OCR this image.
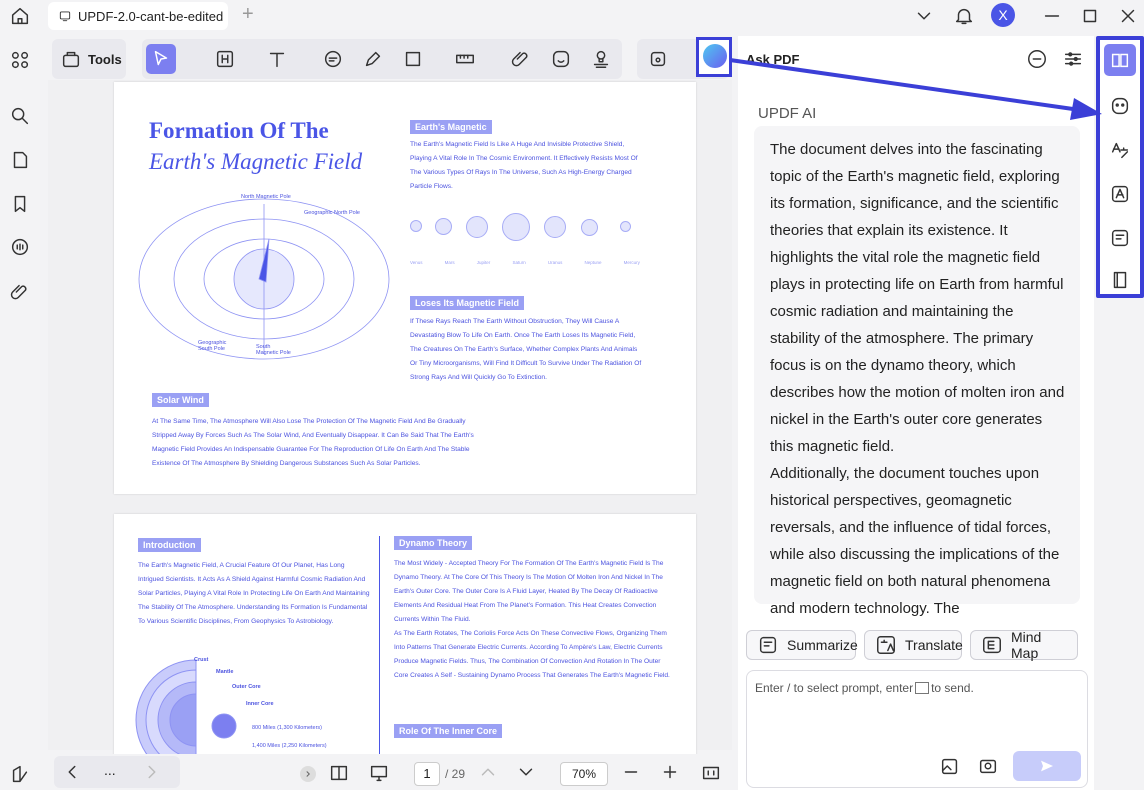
UPDF-2.0-cant-be-edited +	X
Tools
Formation Of The
Earth's Magnetic Field
North Magnetic Pole
Geographic North Pole
Geographic South Pole	South Magnetic Pole
Earth's Magnetic
The Earth's Magnetic Field Is Like A Huge And Invisible Protective Shield, Playing A Vital Role In The Cosmic Environment. It Effectively Resists Most Of The Various Types Of Rays In The Universe, Such As High-Energy Charged Particle Flows.
Venus	Mars	Jupiter	Saturn	Uranus	Neptune	Mercury
Loses Its Magnetic Field
If These Rays Reach The Earth Without Obstruction, They Will Cause A Devastating Blow To Life On Earth. Once The Earth Loses Its Magnetic Field, The Creatures On The Earth's Surface, Whether Complex Plants And Animals Or Tiny Microorganisms, Will Find It Difficult To Survive Under The Radiation Of Strong Rays And Will Quickly Go To Extinction.
Solar Wind
At The Same Time, The Atmosphere Will Also Lose The Protection Of The Magnetic Field And Be Gradually Stripped Away By Forces Such As The Solar Wind, And Eventually Disappear. It Can Be Said That The Earth's Magnetic Field Provides An Indispensable Guarantee For The Reproduction Of Life On Earth And The Stable Existence Of The Atmosphere By Shielding Dangerous Substances Such As Solar Particles.
Introduction
The Earth's Magnetic Field, A Crucial Feature Of Our Planet, Has Long Intrigued Scientists. It Acts As A Shield Against Harmful Cosmic Radiation And Solar Particles, Playing A Vital Role In Protecting Life On Earth And Maintaining The Stability Of The Atmosphere. Understanding Its Formation Is Fundamental To Various Scientific Disciplines, From Geophysics To Astrobiology.
Dynamo Theory
The Most Widely - Accepted Theory For The Formation Of The Earth's Magnetic Field Is The Dynamo Theory. At The Core Of This Theory Is The Motion Of Molten Iron And Nickel In The Earth's Outer Core. The Outer Core Is A Fluid Layer, Heated By The Decay Of Radioactive Elements And Residual Heat From The Planet's Formation. This Heat Creates Convection Currents Within The Fluid.
As The Earth Rotates, The Coriolis Force Acts On These Convective Flows, Organizing Them Into Patterns That Generate Electric Currents. According To Ampère's Law, Electric Currents Produce Magnetic Fields. Thus, The Combination Of Convection And Rotation In The Outer Core Creates A Self - Sustaining Dynamo Process That Generates The Earth's Magnetic Field.
Role Of The Inner Core
Crust
Mantle
Outer Core
Inner Core
800 Miles (1,300 Kilometers)
1,400 Miles (2,250 Kilometers)
...	1	/ 29	70%
Ask PDF
UPDF AI

The document delves into the fascinating topic of the Earth's magnetic field, exploring its formation, significance, and the scientific theories that explain its existence. It highlights the vital role the magnetic field plays in protecting life on Earth from harmful cosmic radiation and maintaining the stability of the atmosphere. The primary focus is on the dynamo theory, which describes how the motion of molten iron and nickel in the Earth's outer core generates this magnetic field.

Additionally, the document touches upon historical perspectives, geomagnetic reversals, and the influence of tidal forces, while also discussing the implications of the magnetic field on both natural phenomena and modern technology. The

Summarize	Translate	Mind Map
Enter / to select prompt, enter to send.
